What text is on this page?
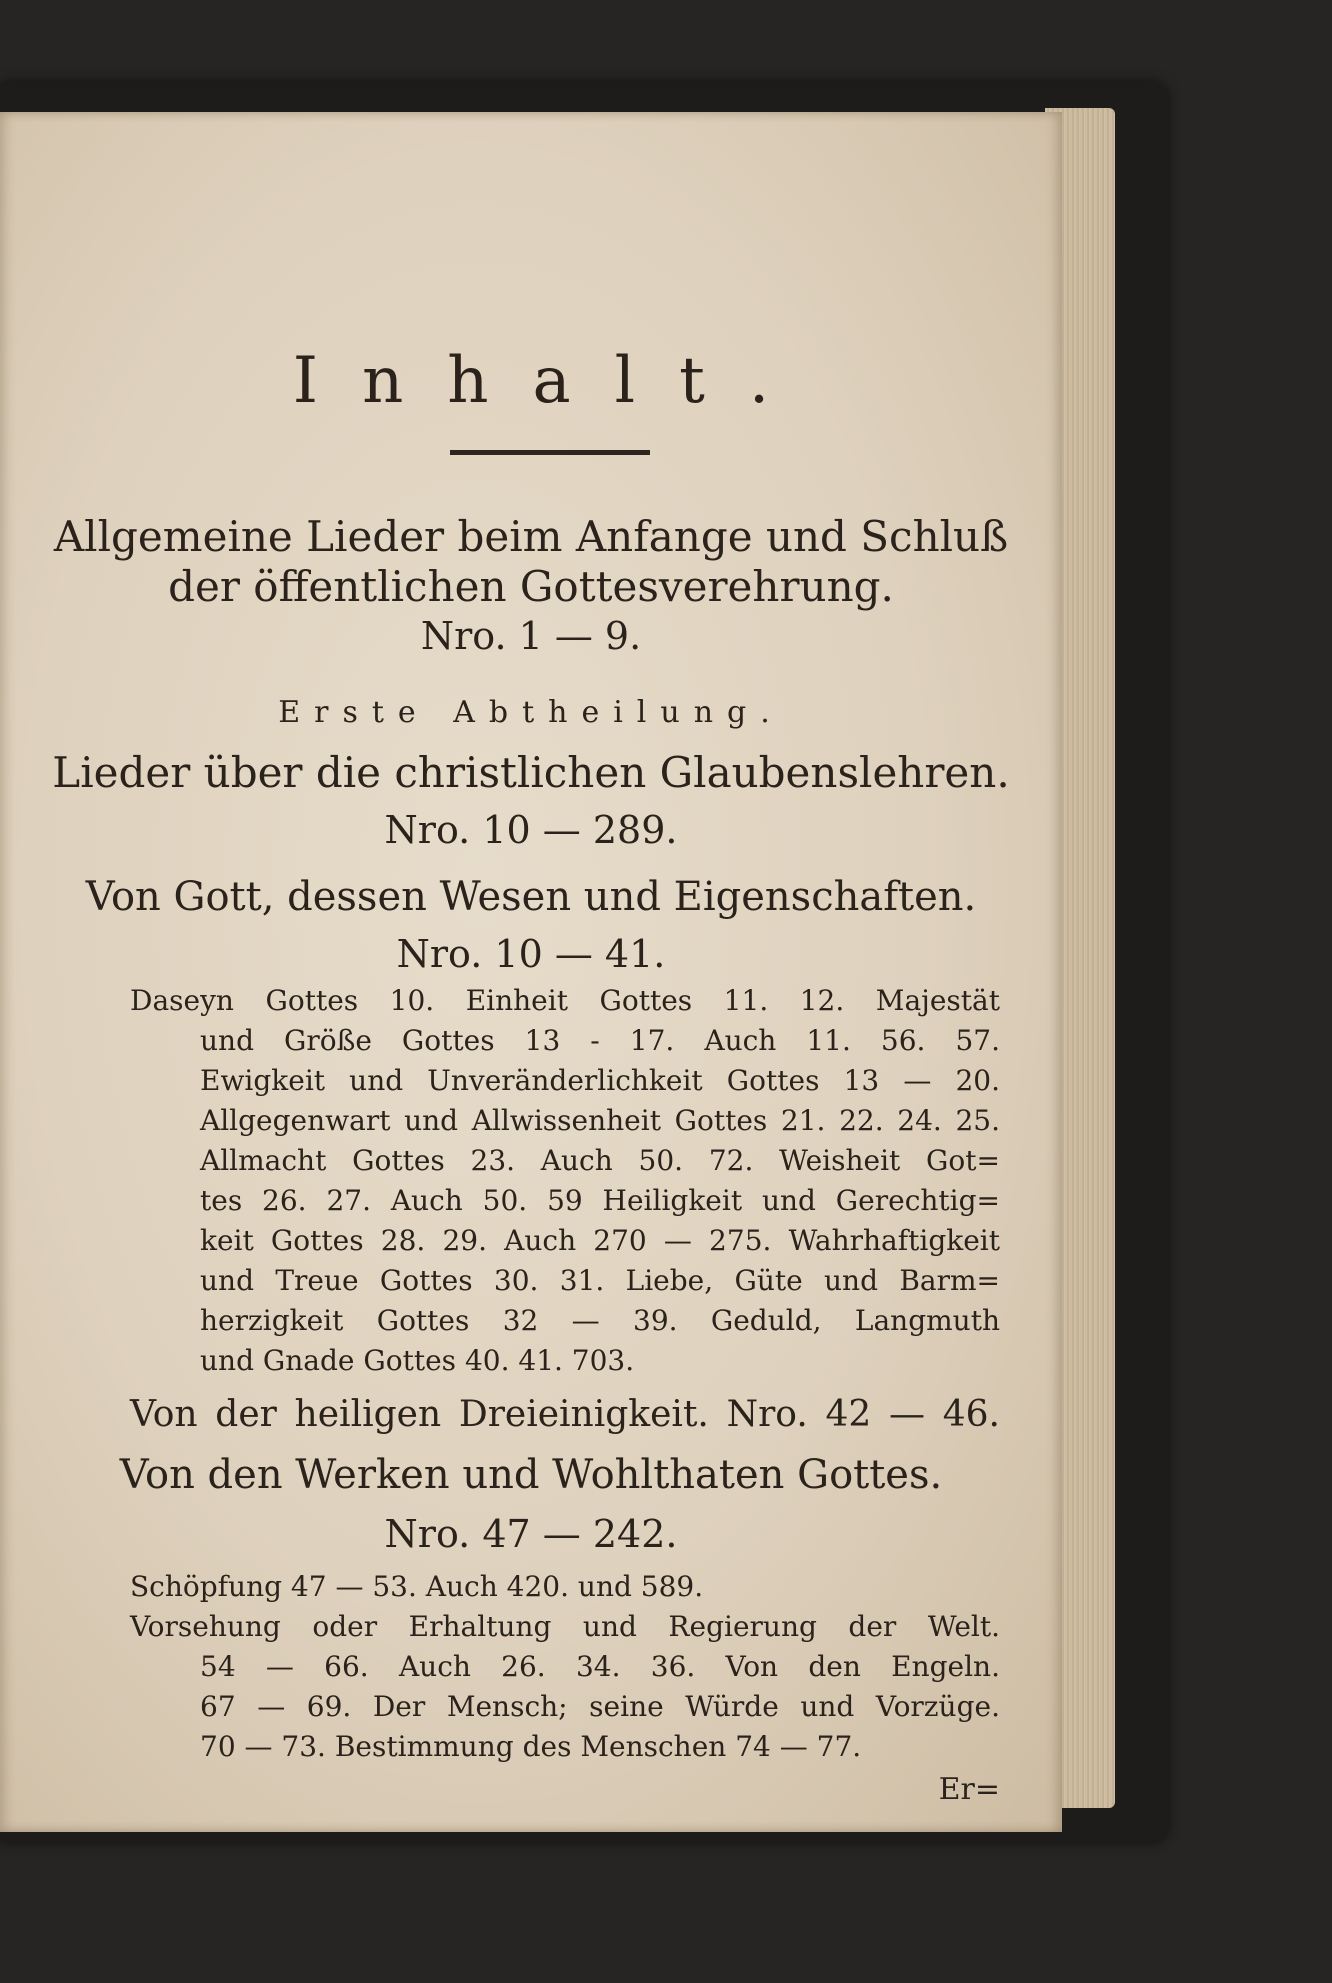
Inhalt.
Allgemeine Lieder beim Anfange und Schluß
der öffentlichen Gottesverehrung.
Nro. 1 — 9.
Erste Abtheilung.
Lieder über die christlichen Glaubenslehren.
Nro. 10 — 289.
Von Gott, dessen Wesen und Eigenschaften.
Nro. 10 — 41.
Daseyn Gottes 10. Einheit Gottes 11. 12. Majestät
und Größe Gottes 13 - 17. Auch 11. 56. 57.
Ewigkeit und Unveränderlichkeit Gottes 13 — 20.
Allgegenwart und Allwissenheit Gottes 21. 22. 24. 25.
Allmacht Gottes 23. Auch 50. 72. Weisheit Got=
tes 26. 27. Auch 50. 59 Heiligkeit und Gerechtig=
keit Gottes 28. 29. Auch 270 — 275. Wahrhaftigkeit
und Treue Gottes 30. 31. Liebe, Güte und Barm=
herzigkeit Gottes 32 — 39. Geduld, Langmuth
und Gnade Gottes 40. 41. 703.
Von der heiligen Dreieinigkeit. Nro. 42 — 46.
Von den Werken und Wohlthaten Gottes.
Nro. 47 — 242.
Schöpfung 47 — 53. Auch 420. und 589.
Vorsehung oder Erhaltung und Regierung der Welt.
54 — 66. Auch 26. 34. 36. Von den Engeln.
67 — 69. Der Mensch; seine Würde und Vorzüge.
70 — 73. Bestimmung des Menschen 74 — 77.
Er=
